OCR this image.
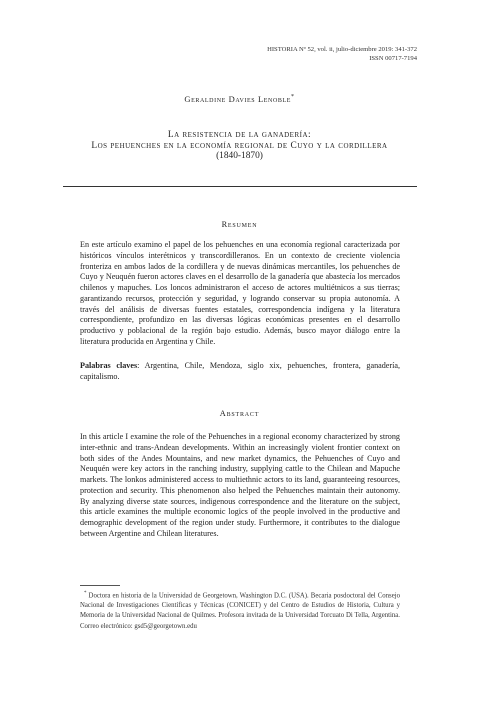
HISTORIA Nº 52, vol. ii, julio-diciembre 2019: 341-372
ISSN 00717-7194
Geraldine Davies Lenoble*
La resistencia de la ganadería:
Los pehuenches en la economía regional de Cuyo y la cordillera
(1840-1870)
Resumen
En este artículo examino el papel de los pehuenches en una economía regional caracterizada por históricos vínculos interétnicos y transcordilleranos. En un contexto de creciente violencia fronteriza en ambos lados de la cordillera y de nuevas dinámicas mercantiles, los pehuenches de Cuyo y Neuquén fueron actores claves en el desarrollo de la ganadería que abastecía los mercados chilenos y mapuches. Los loncos administraron el acceso de actores multiétnicos a sus tierras; garantizando recursos, protección y seguridad, y logrando conservar su propia autonomía. A través del análisis de diversas fuentes estatales, correspondencia indígena y la literatura correspondiente, profundizo en las diversas lógicas económicas presentes en el desarrollo productivo y poblacional de la región bajo estudio. Además, busco mayor diálogo entre la literatura producida en Argentina y Chile.
Palabras claves: Argentina, Chile, Mendoza, siglo xix, pehuenches, frontera, ganadería, capitalismo.
Abstract
In this article I examine the role of the Pehuenches in a regional economy characterized by strong inter-ethnic and trans-Andean developments. Within an increasingly violent frontier context on both sides of the Andes Mountains, and new market dynamics, the Pehuenches of Cuyo and Neuquén were key actors in the ranching industry, supplying cattle to the Chilean and Mapuche markets. The lonkos administered access to multiethnic actors to its land, guaranteeing resources, protection and security. This phenomenon also helped the Pehuenches maintain their autonomy. By analyzing diverse state sources, indigenous correspondence and the literature on the subject, this article examines the multiple economic logics of the people involved in the productive and demographic development of the region under study. Furthermore, it contributes to the dialogue between Argentine and Chilean literatures.
* Doctora en historia de la Universidad de Georgetown, Washington D.C. (USA). Becaria posdoctoral del Consejo Nacional de Investigaciones Científicas y Técnicas (CONICET) y del Centro de Estudios de Historia, Cultura y Memoria de la Universidad Nacional de Quilmes. Profesora invitada de la Universidad Torcuato Di Tella, Argentina. Correo electrónico: gsd5@georgetown.edu
